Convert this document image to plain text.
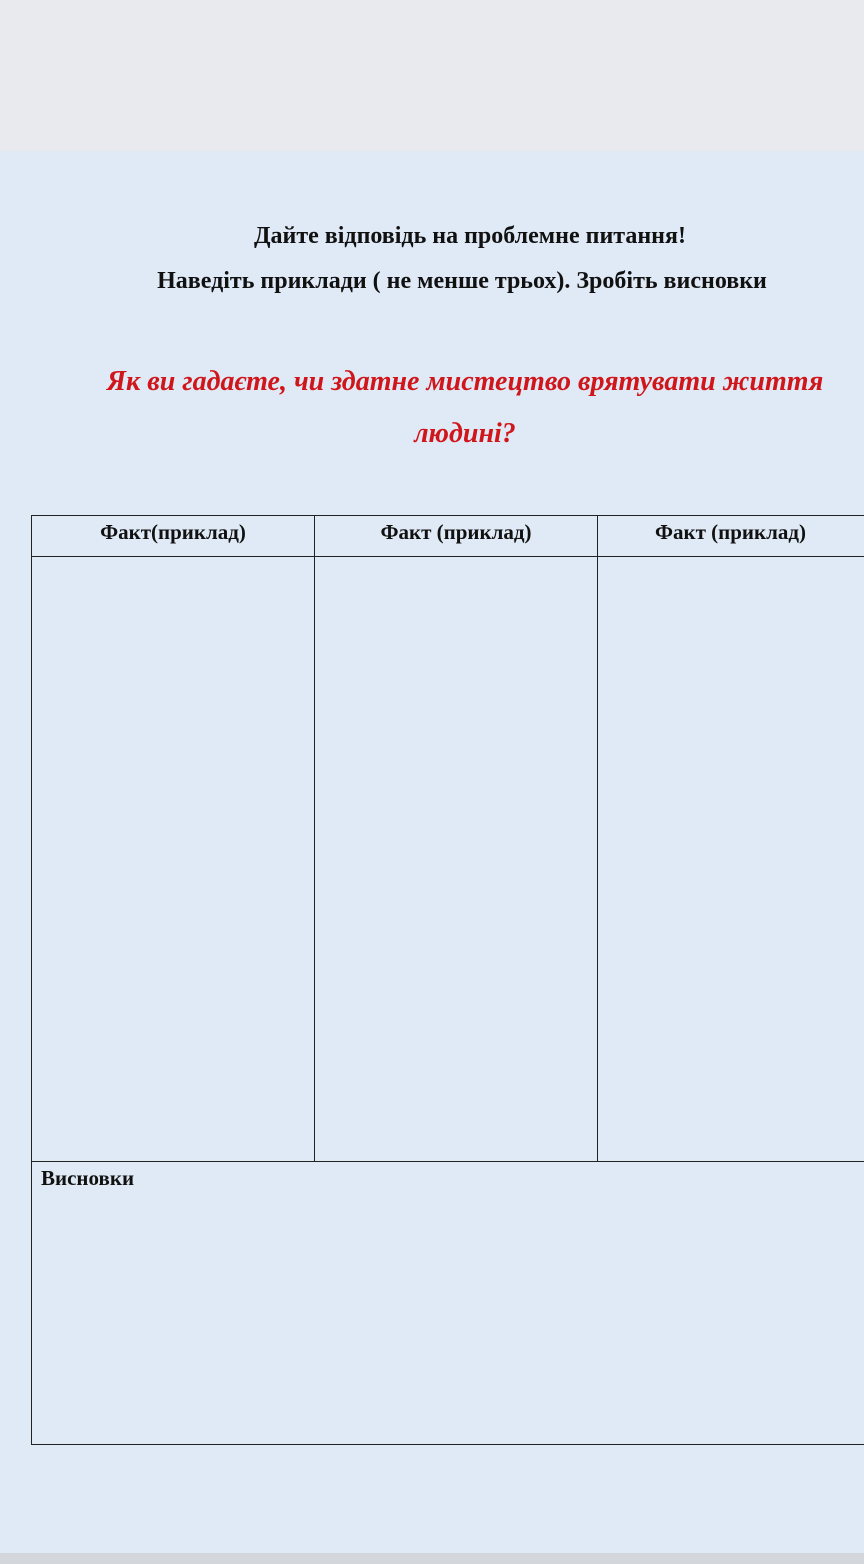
Дайте відповідь на проблемне питання!
Наведіть приклади ( не менше трьох). Зробіть висновки
Як ви гадаєте, чи здатне мистецтво врятувати життя людині?
Факт(приклад)	Факт (приклад)	Факт (приклад)
Висновки
